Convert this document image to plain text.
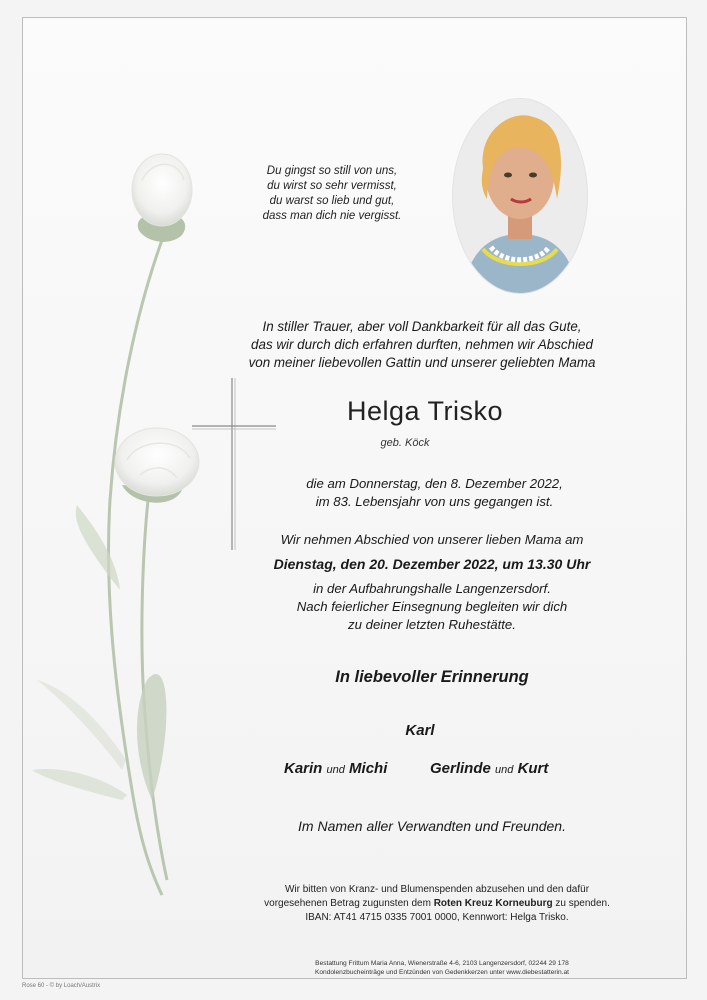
Du gingst so still von uns,
du wirst so sehr vermisst,
du warst so lieb und gut,
dass man dich nie vergisst.
In stiller Trauer, aber voll Dankbarkeit für all das Gute,
das wir durch dich erfahren durften, nehmen wir Abschied
von meiner liebevollen Gattin und unserer geliebten Mama
Helga Trisko
geb. Köck
die am Donnerstag, den 8. Dezember 2022,
im 83. Lebensjahr von uns gegangen ist.
Wir nehmen Abschied von unserer lieben Mama am
Dienstag, den 20. Dezember 2022, um 13.30 Uhr
in der Aufbahrungshalle Langenzersdorf.
Nach feierlicher Einsegnung begleiten wir dich
zu deiner letzten Ruhestätte.
In liebevoller Erinnerung
Karl
Karin und Michi	Gerlinde und Kurt
Im Namen aller Verwandten und Freunden.
Wir bitten von Kranz- und Blumenspenden abzusehen und den dafür
vorgesehenen Betrag zugunsten dem Roten Kreuz Korneuburg zu spenden.
IBAN: AT41 4715 0335 7001 0000, Kennwort: Helga Trisko.
Bestattung Frittum Maria Anna, Wienerstraße 4-6, 2103 Langenzersdorf, 02244 29 178
Kondolenzbucheinträge und Entzünden von Gedenkkerzen unter www.diebestatterin.at
Rose 60 - © by Loach/Austrix
